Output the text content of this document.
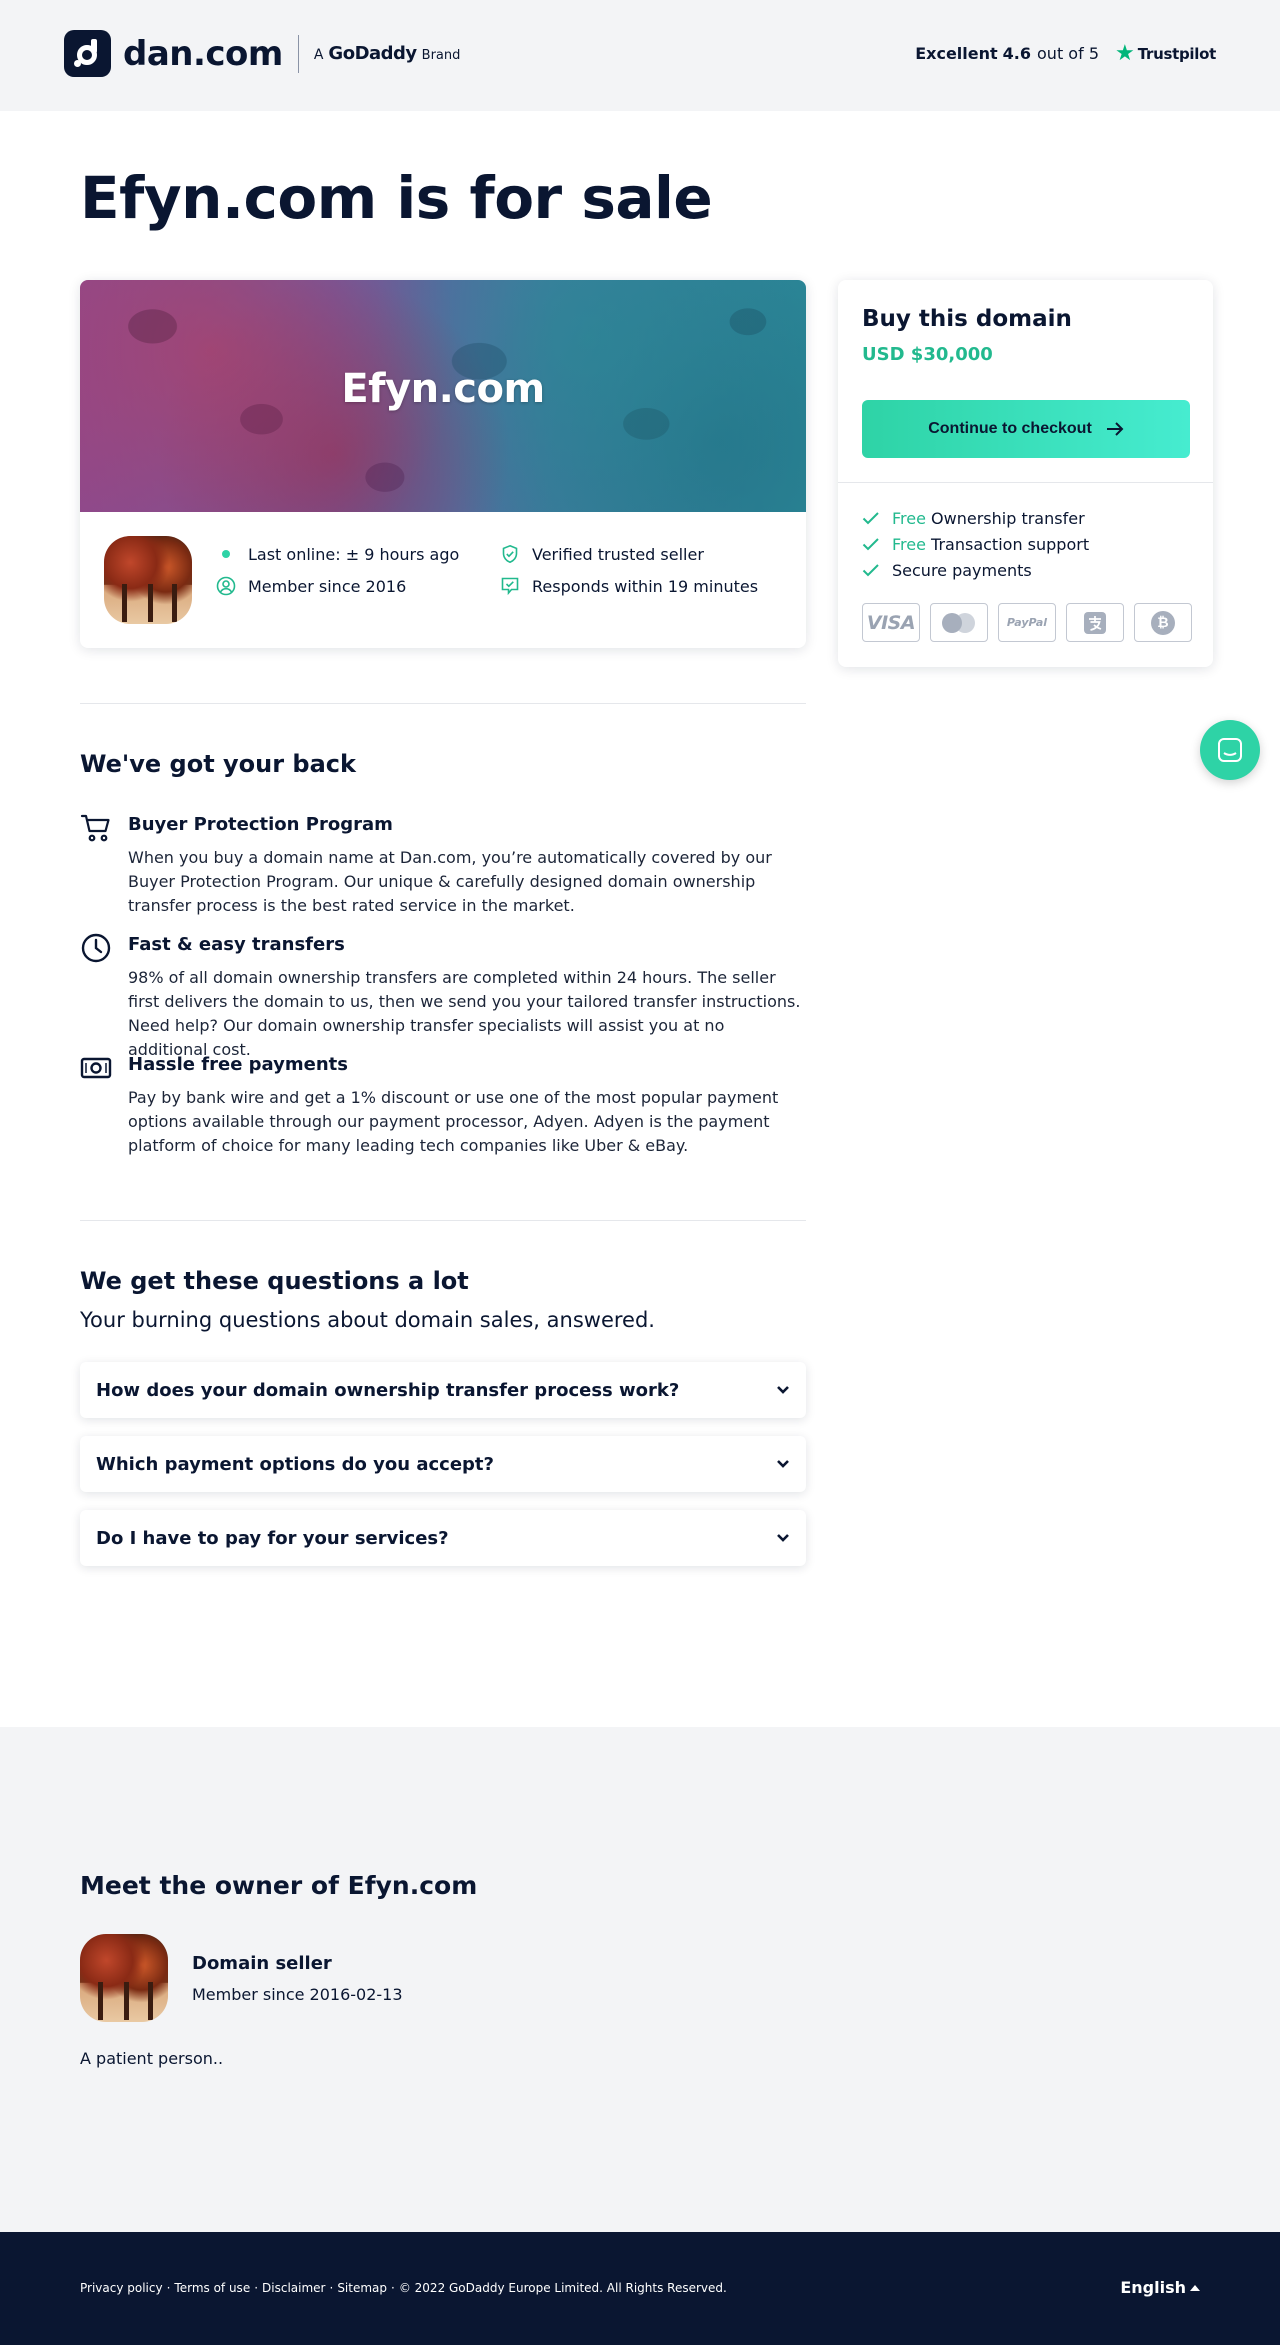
dan.com A GoDaddy Brand	Excellent 4.6 out of 5 ★ Trustpilot
Efyn.com is for sale
Efyn.com
Last online: ± 9 hours ago
Member since 2016
Verified trusted seller
Responds within 19 minutes
Buy this domain
USD $30,000
Continue to checkout
Free Ownership transfer
Free Transaction support
Secure payments
VISA	PayPal	₿
We've got your back
Buyer Protection Program
When you buy a domain name at Dan.com, you’re automatically covered by our Buyer Protection Program. Our unique & carefully designed domain ownership transfer process is the best rated service in the market.
Fast & easy transfers
98% of all domain ownership transfers are completed within 24 hours. The seller first delivers the domain to us, then we send you your tailored transfer instructions. Need help? Our domain ownership transfer specialists will assist you at no additional cost.
Hassle free payments
Pay by bank wire and get a 1% discount or use one of the most popular payment options available through our payment processor, Adyen. Adyen is the payment platform of choice for many leading tech companies like Uber & eBay.
We get these questions a lot
Your burning questions about domain sales, answered.
How does your domain ownership transfer process work?
Which payment options do you accept?
Do I have to pay for your services?
Meet the owner of Efyn.com
Domain seller
Member since 2016-02-13
A patient person..
Privacy policy · Terms of use · Disclaimer · Sitemap · © 2022 GoDaddy Europe Limited. All Rights Reserved.	English
